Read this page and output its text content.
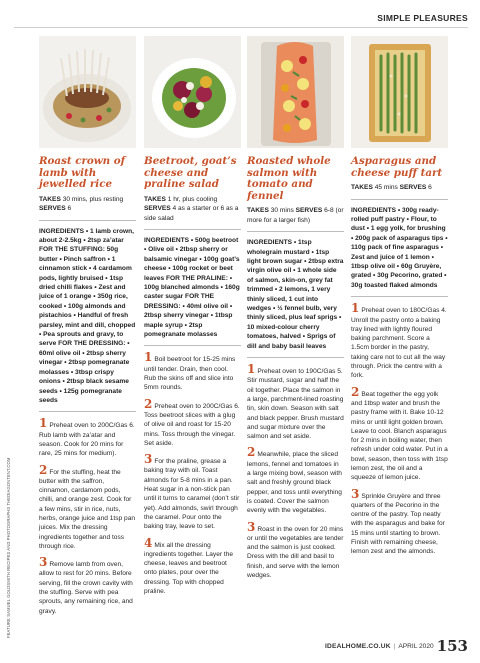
SIMPLE PLEASURES
FEATURE SAMUEL GOLDSMITH RECIPES AND PHOTOGRAPHS THEDIAGONTENT.COM
Roast crown of lamb with jewelled rice
TAKES 30 mins, plus resting SERVES 6
INGREDIENTS • 1 lamb crown, about 2-2.5kg • 2tsp za’atar FOR THE STUFFING: 50g butter • Pinch saffron • 1 cinnamon stick • 4 cardamom pods, lightly bruised • 1tsp dried chilli flakes • Zest and juice of 1 orange • 350g rice, cooked • 100g almonds and pistachios • Handful of fresh parsley, mint and dill, chopped • Pea sprouts and gravy, to serve FOR THE DRESSING: • 60ml olive oil • 2tbsp sherry vinegar • 2tbsp pomegranate molasses • 3tbsp crispy onions • 2tbsp black sesame seeds • 125g pomegranate seeds
1 Preheat oven to 200C/Gas 6. Rub lamb with za’atar and season. Cook for 20 mins for rare, 25 mins for medium).
2 For the stuffing, heat the butter with the saffron, cinnamon, cardamom pods, chilli, and orange zest. Cook for a few mins, stir in rice, nuts, herbs, orange juice and 1tsp pan juices. Mix the dressing ingredients together and toss through rice.
3 Remove lamb from oven, allow to rest for 20 mins. Before serving, fill the crown cavity with the stuffing. Serve with pea sprouts, any remaining rice, and gravy.
Beetroot, goat’s cheese and praline salad
TAKES 1 hr, plus cooling SERVES 4 as a starter or 6 as a side salad
INGREDIENTS • 500g beetroot • Olive oil • 2tbsp sherry or balsamic vinegar • 100g goat’s cheese • 100g rocket or beet leaves FOR THE PRALINE: • 100g blanched almonds • 160g caster sugar FOR THE DRESSING: • 40ml olive oil • 2tbsp sherry vinegar • 1tbsp maple syrup • 2tsp pomegranate molasses
1 Boil beetroot for 15-25 mins until tender. Drain, then cool. Rub the skins off and slice into 5mm rounds.
2 Preheat oven to 200C/Gas 6. Toss beetroot slices with a glug of olive oil and roast for 15-20 mins. Toss through the vinegar. Set aside.
3 For the praline, grease a baking tray with oil. Toast almonds for 5-8 mins in a pan. Heat sugar in a non-stick pan until it turns to caramel (don’t stir yet). Add almonds, swirl through the caramel. Pour onto the baking tray, leave to set.
4 Mix all the dressing ingredients together. Layer the cheese, leaves and beetroot onto plates, pour over the dressing. Top with chopped praline.
Roasted whole salmon with tomato and fennel
TAKES 30 mins SERVES 6-8 (or more for a larger fish)
INGREDIENTS • 1tsp wholegrain mustard • 1tsp light brown sugar • 2tbsp extra virgin olive oil • 1 whole side of salmon, skin-on, grey fat trimmed • 2 lemons, 1 very thinly sliced, 1 cut into wedges • ½ fennel bulb, very thinly sliced, plus leaf sprigs • 10 mixed-colour cherry tomatoes, halved • Sprigs of dill and baby basil leaves
1 Preheat oven to 190C/Gas 5. Stir mustard, sugar and half the oil together. Place the salmon in a large, parchment-lined roasting tin, skin down. Season with salt and black pepper. Brush mustard and sugar mixture over the salmon and set aside.
2 Meanwhile, place the sliced lemons, fennel and tomatoes in a large mixing bowl, season with salt and freshly ground black pepper, and toss until everything is coated. Cover the salmon evenly with the vegetables.
3 Roast in the oven for 20 mins or until the vegetables are tender and the salmon is just cooked. Dress with the dill and basil to finish, and serve with the lemon wedges.
Asparagus and cheese puff tart
TAKES 45 mins SERVES 6
INGREDIENTS • 300g ready-rolled puff pastry • Flour, to dust • 1 egg yolk, for brushing • 200g pack of asparagus tips • 110g pack of fine asparagus • Zest and juice of 1 lemon • 1tbsp olive oil • 60g Gruyère, grated • 30g Pecorino, grated • 30g toasted flaked almonds
1 Preheat oven to 180C/Gas 4. Unroll the pastry onto a baking tray lined with lightly floured baking parchment. Score a 1.5cm border in the pastry, taking care not to cut all the way through. Prick the centre with a fork.
2 Beat together the egg yolk and 1tbsp water and brush the pastry frame with it. Bake 10-12 mins or until light golden brown. Leave to cool. Blanch asparagus for 2 mins in boiling water, then refresh under cold water. Put in a bowl, season, then toss with 1tsp lemon zest, the oil and a squeeze of lemon juice.
3 Sprinkle Gruyère and three quarters of the Pecorino in the centre of the pastry. Top neatly with the asparagus and bake for 15 mins until starting to brown. Finish with remaining cheese, lemon zest and the almonds.
IDEALHOME.CO.UK | APRIL 2020 153
